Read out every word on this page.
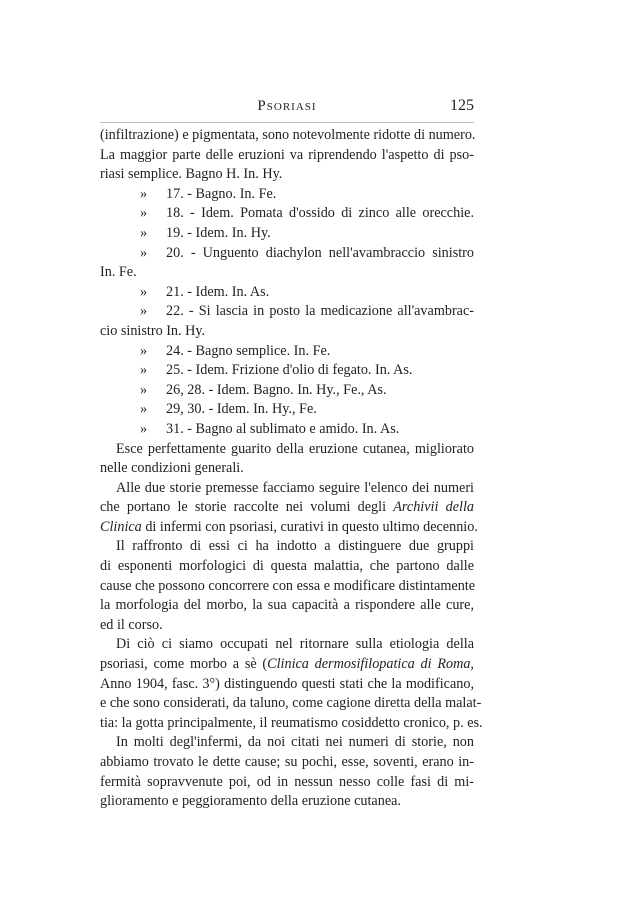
Psoriasi	125
(infiltrazione) e pigmentata, sono notevolmente ridotte di numero.
La maggior parte delle eruzioni va riprendendo l'aspetto di pso-
riasi semplice. Bagno H. In. Hy.
» 17. - Bagno. In. Fe.
» 18. - Idem. Pomata d'ossido di zinco alle orecchie.
» 19. - Idem. In. Hy.
» 20. - Unguento diachylon nell'avambraccio sinistro
In. Fe.
» 21. - Idem. In. As.
» 22. - Si lascia in posto la medicazione all'avambrac-
cio sinistro In. Hy.
» 24. - Bagno semplice. In. Fe.
» 25. - Idem. Frizione d'olio di fegato. In. As.
» 26, 28. - Idem. Bagno. In. Hy., Fe., As.
» 29, 30. - Idem. In. Hy., Fe.
» 31. - Bagno al sublimato e amido. In. As.
Esce perfettamente guarito della eruzione cutanea, migliorato
nelle condizioni generali.
Alle due storie premesse facciamo seguire l'elenco dei numeri
che portano le storie raccolte nei volumi degli Archivii della
Clinica di infermi con psoriasi, curativi in questo ultimo decennio.
Il raffronto di essi ci ha indotto a distinguere due gruppi
di esponenti morfologici di questa malattia, che partono dalle
cause che possono concorrere con essa e modificare distintamente
la morfologia del morbo, la sua capacità a rispondere alle cure,
ed il corso.
Di ciò ci siamo occupati nel ritornare sulla etiologia della
psoriasi, come morbo a sè (Clinica dermosifilopatica di Roma,
Anno 1904, fasc. 3°) distinguendo questi stati che la modificano,
e che sono considerati, da taluno, come cagione diretta della malat-
tia: la gotta principalmente, il reumatismo cosiddetto cronico, p. es.
In molti degl'infermi, da noi citati nei numeri di storie, non
abbiamo trovato le dette cause; su pochi, esse, soventi, erano in-
fermità sopravvenute poi, od in nessun nesso colle fasi di mi-
glioramento e peggioramento della eruzione cutanea.
